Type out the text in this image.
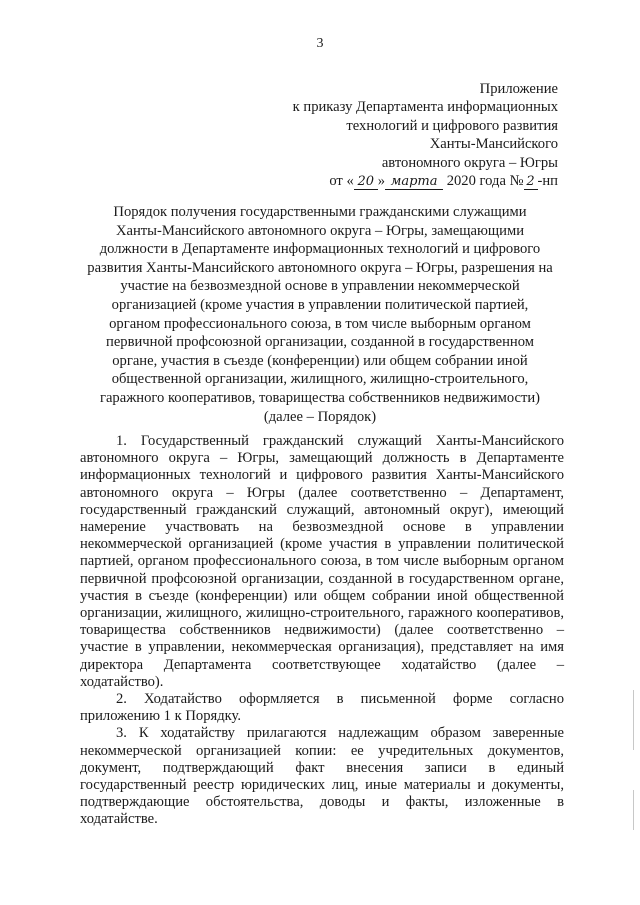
3
Приложение
к приказу Департамента информационных
технологий и цифрового развития
Ханты-Мансийского
автономного округа – Югры
от « 20 » марта 2020 года № 2 -нп
Порядок получения государственными гражданскими служащими
Ханты-Мансийского автономного округа – Югры, замещающими
должности в Департаменте информационных технологий и цифрового
развития Ханты-Мансийского автономного округа – Югры, разрешения на
участие на безвозмездной основе в управлении некоммерческой
организацией (кроме участия в управлении политической партией,
органом профессионального союза, в том числе выборным органом
первичной профсоюзной организации, созданной в государственном
органе, участия в съезде (конференции) или общем собрании иной
общественной организации, жилищного, жилищно-строительного,
гаражного кооперативов, товарищества собственников недвижимости)
(далее – Порядок)

1. Государственный гражданский служащий Ханты-Мансийского автономного округа – Югры, замещающий должность в Департаменте информационных технологий и цифрового развития Ханты-Мансийского автономного округа – Югры (далее соответственно – Департамент, государственный гражданский служащий, автономный округ), имеющий намерение участвовать на безвозмездной основе в управлении некоммерческой организацией (кроме участия в управлении политической партией, органом профессионального союза, в том числе выборным органом первичной профсоюзной организации, созданной в государственном органе, участия в съезде (конференции) или общем собрании иной общественной организации, жилищного, жилищно-строительного, гаражного кооперативов, товарищества собственников недвижимости) (далее соответственно – участие в управлении, некоммерческая организация), представляет на имя директора Департамента соответствующее ходатайство (далее – ходатайство).

2. Ходатайство оформляется в письменной форме согласно приложению 1 к Порядку.

3. К ходатайству прилагаются надлежащим образом заверенные некоммерческой организацией копии: ее учредительных документов, документ, подтверждающий факт внесения записи в единый государственный реестр юридических лиц, иные материалы и документы, подтверждающие обстоятельства, доводы и факты, изложенные в ходатайстве.
